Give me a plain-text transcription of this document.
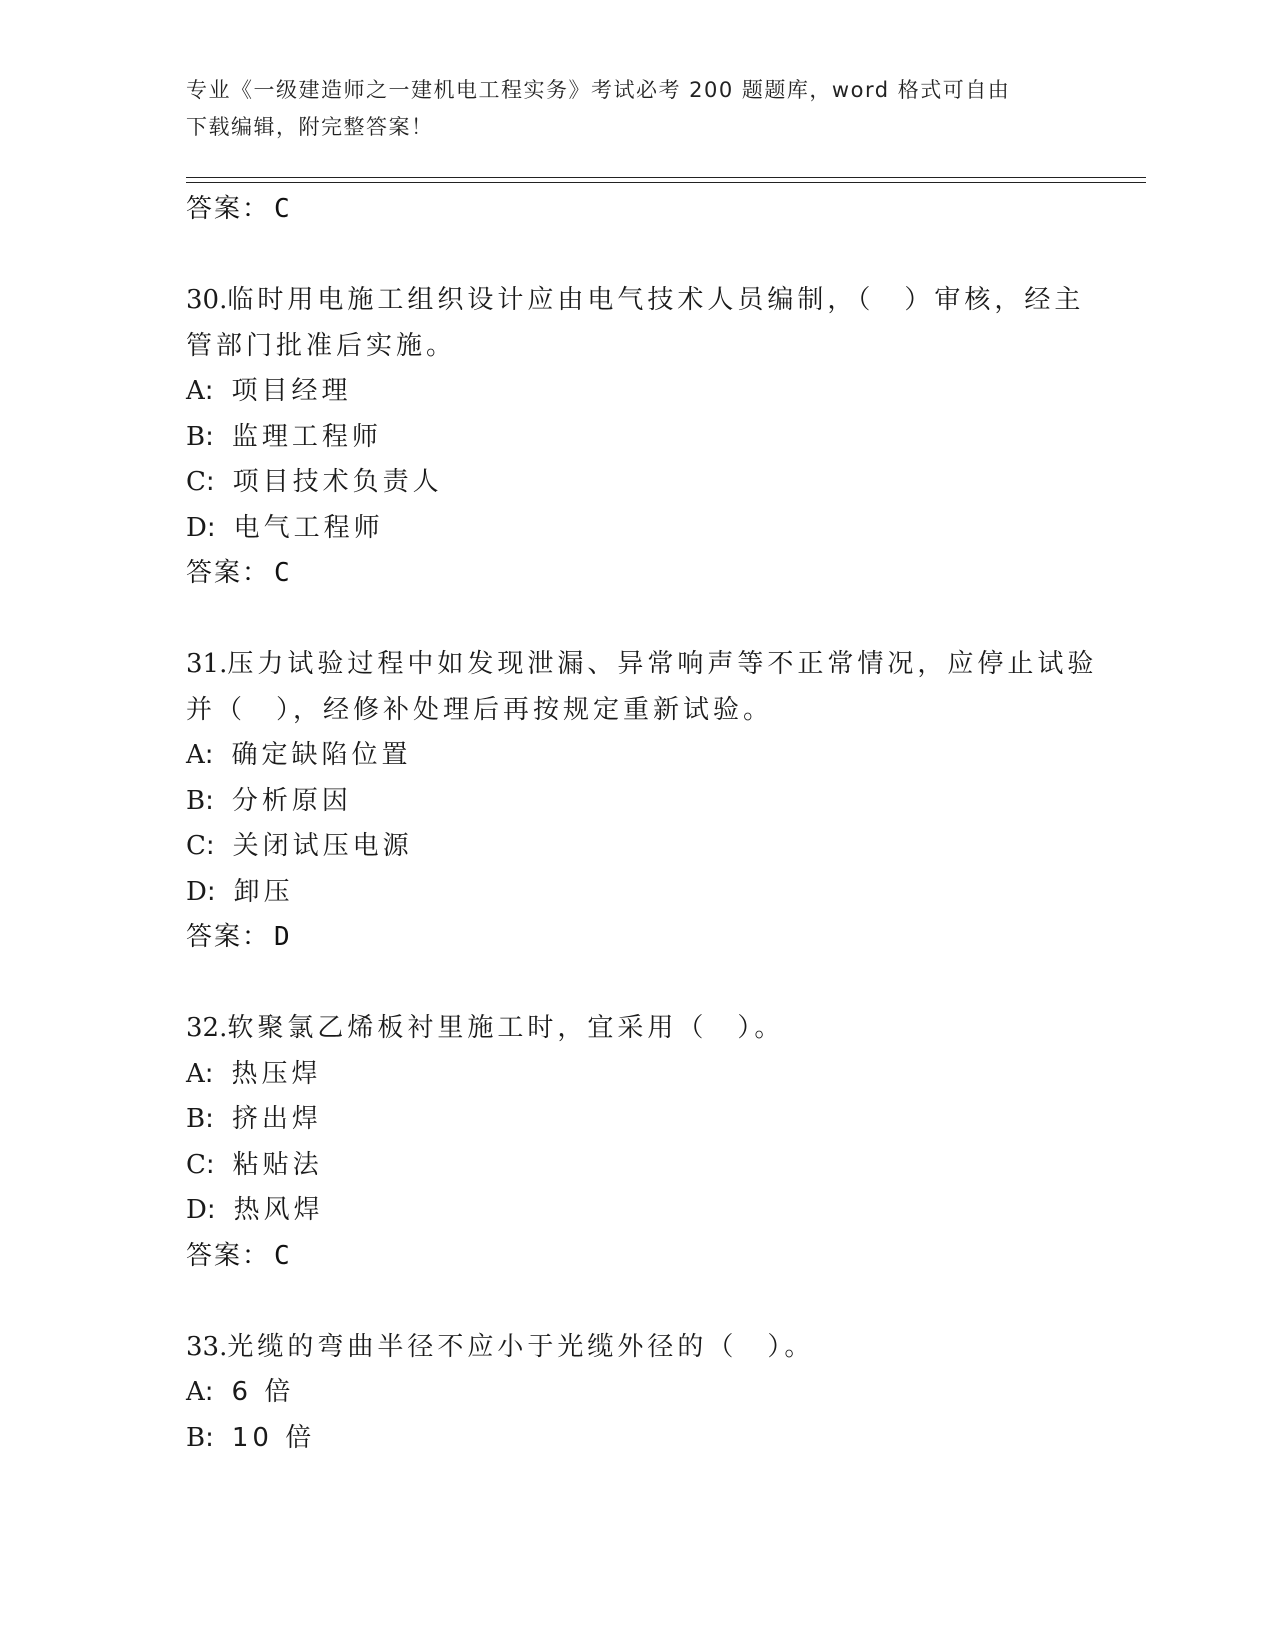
专业《一级建造师之一建机电工程实务》考试必考 200 题题库，word 格式可自由
下载编辑，附完整答案！
答案： C
30.临时用电施工组织设计应由电气技术人员编制，（　）审核，经主
管部门批准后实施。
A: 项目经理
B: 监理工程师
C: 项目技术负责人
D: 电气工程师
答案： C
31.压力试验过程中如发现泄漏、异常响声等不正常情况，应停止试验
并（　），经修补处理后再按规定重新试验。
A: 确定缺陷位置
B: 分析原因
C: 关闭试压电源
D: 卸压
答案： D
32.软聚氯乙烯板衬里施工时，宜采用（　）。
A: 热压焊
B: 挤出焊
C: 粘贴法
D: 热风焊
答案： C
33.光缆的弯曲半径不应小于光缆外径的（　）。
A: 6 倍
B: 10 倍
